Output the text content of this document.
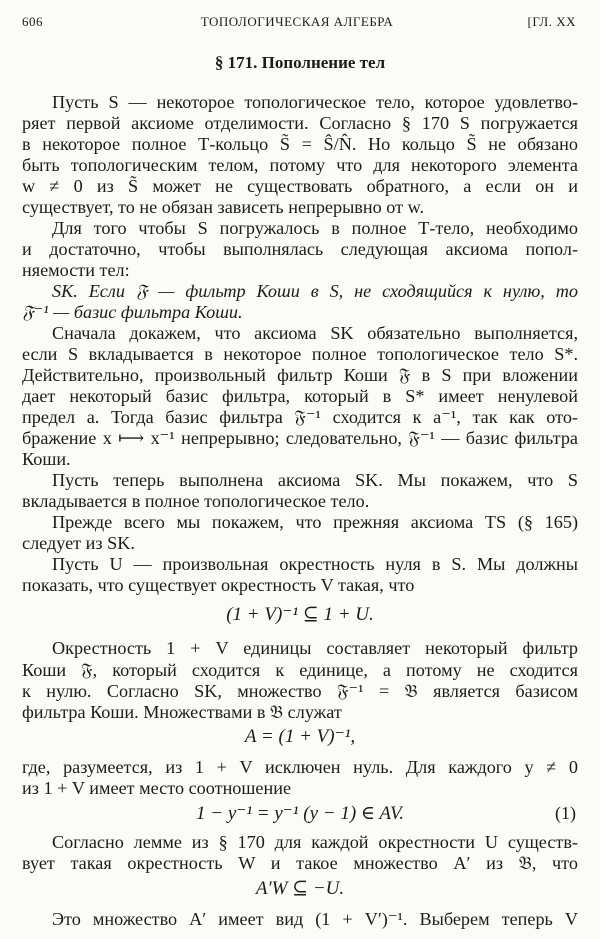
606	ТОПОЛОГИЧЕСКАЯ АЛГЕБРА	[ГЛ. XX
§ 171. Пополнение тел
Пусть S — некоторое топологическое тело, которое удовлетво-
ряет первой аксиоме отделимости. Согласно § 170 S погружается
в некоторое полное Т-кольцо S̃ = Ŝ/N̂. Но кольцо S̃ не обязано
быть топологическим телом, потому что для некоторого элемента
w ≠ 0 из S̃ может не существовать обратного, а если он и
существует, то не обязан зависеть непрерывно от w.
Для того чтобы S погружалось в полное Т-тело, необходимо
и достаточно, чтобы выполнялась следующая аксиома попол-
няемости тел:
SK. Если 𝔉 — фильтр Коши в S, не сходящийся к нулю, то
𝔉⁻¹ — базис фильтра Коши.
Сначала докажем, что аксиома SK обязательно выполняется,
если S вкладывается в некоторое полное топологическое тело S*.
Действительно, произвольный фильтр Коши 𝔉 в S при вложении
дает некоторый базис фильтра, который в S* имеет ненулевой
предел a. Тогда базис фильтра 𝔉⁻¹ сходится к a⁻¹, так как ото-
бражение x ⟼ x⁻¹ непрерывно; следовательно, 𝔉⁻¹ — базис фильтра
Коши.
Пусть теперь выполнена аксиома SK. Мы покажем, что S
вкладывается в полное топологическое тело.
Прежде всего мы покажем, что прежняя аксиома TS (§ 165)
следует из SK.
Пусть U — произвольная окрестность нуля в S. Мы должны
показать, что существует окрестность V такая, что
(1 + V)⁻¹ ⊆ 1 + U.
Окрестность 1 + V единицы составляет некоторый фильтр
Коши 𝔉, который сходится к единице, а потому не сходится
к нулю. Согласно SK, множество 𝔉⁻¹ = 𝔅 является базисом
фильтра Коши. Множествами в 𝔅 служат
A = (1 + V)⁻¹,
где, разумеется, из 1 + V исключен нуль. Для каждого y ≠ 0
из 1 + V имеет место соотношение
1 − y⁻¹ = y⁻¹ (y − 1) ∈ AV.	(1)
Согласно лемме из § 170 для каждой окрестности U существ-
вует такая окрестность W и такое множество A′ из 𝔅, что
A′W ⊆ −U.
Это множество A′ имеет вид (1 + V′)⁻¹. Выберем теперь V
